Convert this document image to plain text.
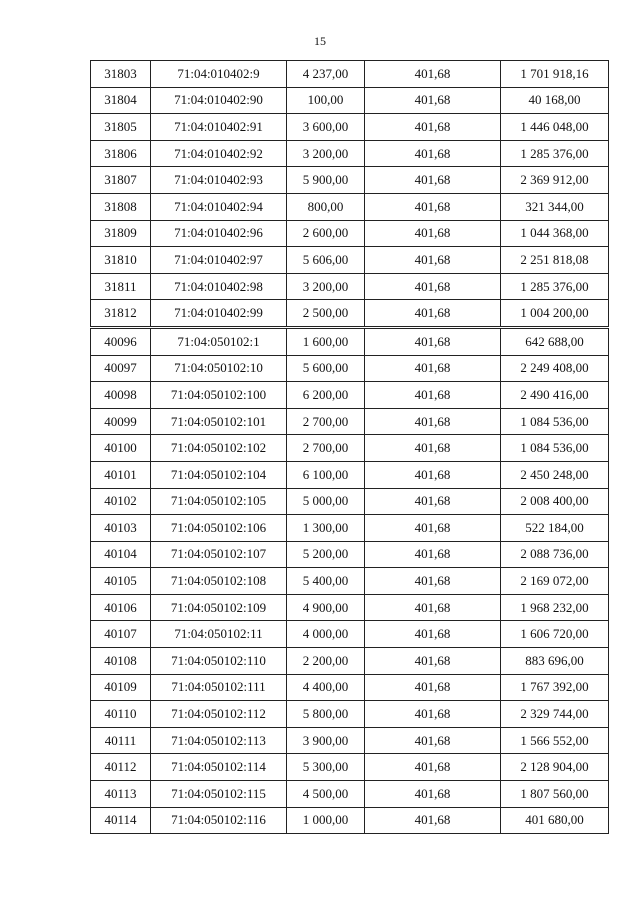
15
31803	71:04:010402:9	4 237,00	401,68	1 701 918,16
31804	71:04:010402:90	100,00	401,68	40 168,00
31805	71:04:010402:91	3 600,00	401,68	1 446 048,00
31806	71:04:010402:92	3 200,00	401,68	1 285 376,00
31807	71:04:010402:93	5 900,00	401,68	2 369 912,00
31808	71:04:010402:94	800,00	401,68	321 344,00
31809	71:04:010402:96	2 600,00	401,68	1 044 368,00
31810	71:04:010402:97	5 606,00	401,68	2 251 818,08
31811	71:04:010402:98	3 200,00	401,68	1 285 376,00
31812	71:04:010402:99	2 500,00	401,68	1 004 200,00
40096	71:04:050102:1	1 600,00	401,68	642 688,00
40097	71:04:050102:10	5 600,00	401,68	2 249 408,00
40098	71:04:050102:100	6 200,00	401,68	2 490 416,00
40099	71:04:050102:101	2 700,00	401,68	1 084 536,00
40100	71:04:050102:102	2 700,00	401,68	1 084 536,00
40101	71:04:050102:104	6 100,00	401,68	2 450 248,00
40102	71:04:050102:105	5 000,00	401,68	2 008 400,00
40103	71:04:050102:106	1 300,00	401,68	522 184,00
40104	71:04:050102:107	5 200,00	401,68	2 088 736,00
40105	71:04:050102:108	5 400,00	401,68	2 169 072,00
40106	71:04:050102:109	4 900,00	401,68	1 968 232,00
40107	71:04:050102:11	4 000,00	401,68	1 606 720,00
40108	71:04:050102:110	2 200,00	401,68	883 696,00
40109	71:04:050102:111	4 400,00	401,68	1 767 392,00
40110	71:04:050102:112	5 800,00	401,68	2 329 744,00
40111	71:04:050102:113	3 900,00	401,68	1 566 552,00
40112	71:04:050102:114	5 300,00	401,68	2 128 904,00
40113	71:04:050102:115	4 500,00	401,68	1 807 560,00
40114	71:04:050102:116	1 000,00	401,68	401 680,00
